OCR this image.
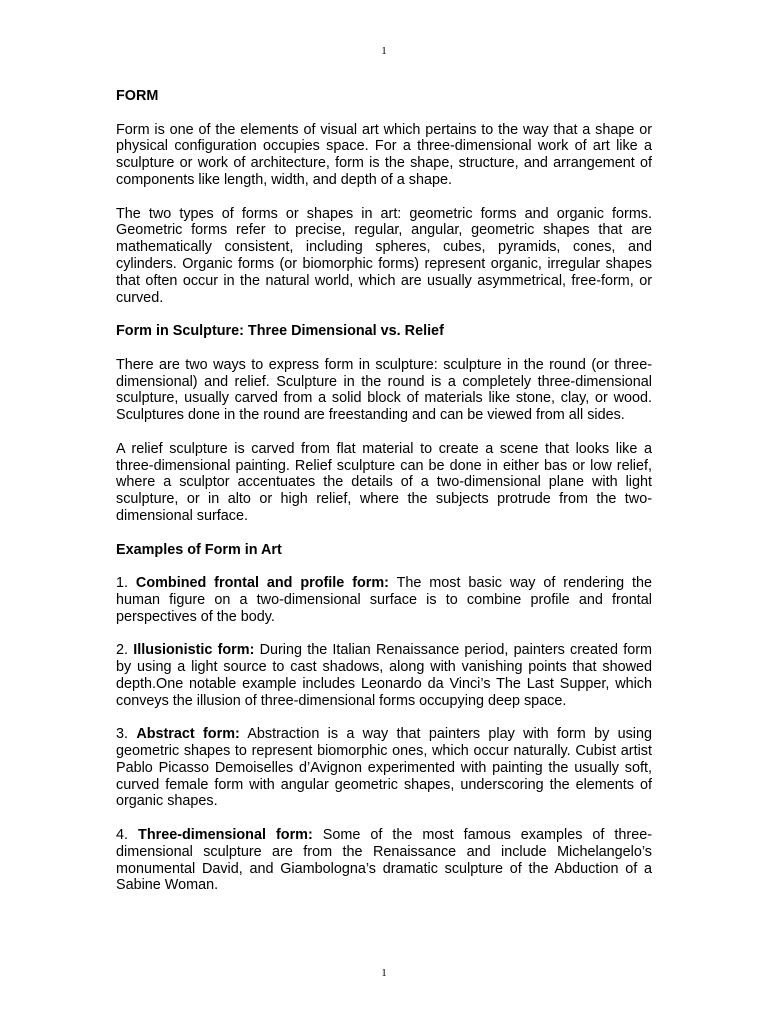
1
FORM

Form is one of the elements of visual art which pertains to the way that a shape or physical configuration occupies space. For a three-dimensional work of art like a sculpture or work of architecture, form is the shape, structure, and arrangement of components like length, width, and depth of a shape.

The two types of forms or shapes in art: geometric forms and organic forms. Geometric forms refer to precise, regular, angular, geometric shapes that are mathematically consistent, including spheres, cubes, pyramids, cones, and cylinders. Organic forms (or biomorphic forms) represent organic, irregular shapes that often occur in the natural world, which are usually asymmetrical, free-form, or curved.

Form in Sculpture: Three Dimensional vs. Relief

There are two ways to express form in sculpture: sculpture in the round (or three-dimensional) and relief. Sculpture in the round is a completely three-dimensional sculpture, usually carved from a solid block of materials like stone, clay, or wood. Sculptures done in the round are freestanding and can be viewed from all sides.

A relief sculpture is carved from flat material to create a scene that looks like a three-dimensional painting. Relief sculpture can be done in either bas or low relief, where a sculptor accentuates the details of a two-dimensional plane with light sculpture, or in alto or high relief, where the subjects protrude from the two-dimensional surface.

Examples of Form in Art

1. Combined frontal and profile form: The most basic way of rendering the human figure on a two-dimensional surface is to combine profile and frontal perspectives of the body.

2. Illusionistic form: During the Italian Renaissance period, painters created form by using a light source to cast shadows, along with vanishing points that showed depth.One notable example includes Leonardo da Vinci’s The Last Supper, which conveys the illusion of three-dimensional forms occupying deep space.

3. Abstract form: Abstraction is a way that painters play with form by using geometric shapes to represent biomorphic ones, which occur naturally. Cubist artist Pablo Picasso Demoiselles d’Avignon experimented with painting the usually soft, curved female form with angular geometric shapes, underscoring the elements of organic shapes.

4. Three-dimensional form: Some of the most famous examples of three-dimensional sculpture are from the Renaissance and include Michelangelo’s monumental David, and Giambologna’s dramatic sculpture of the Abduction of a Sabine Woman.

1
